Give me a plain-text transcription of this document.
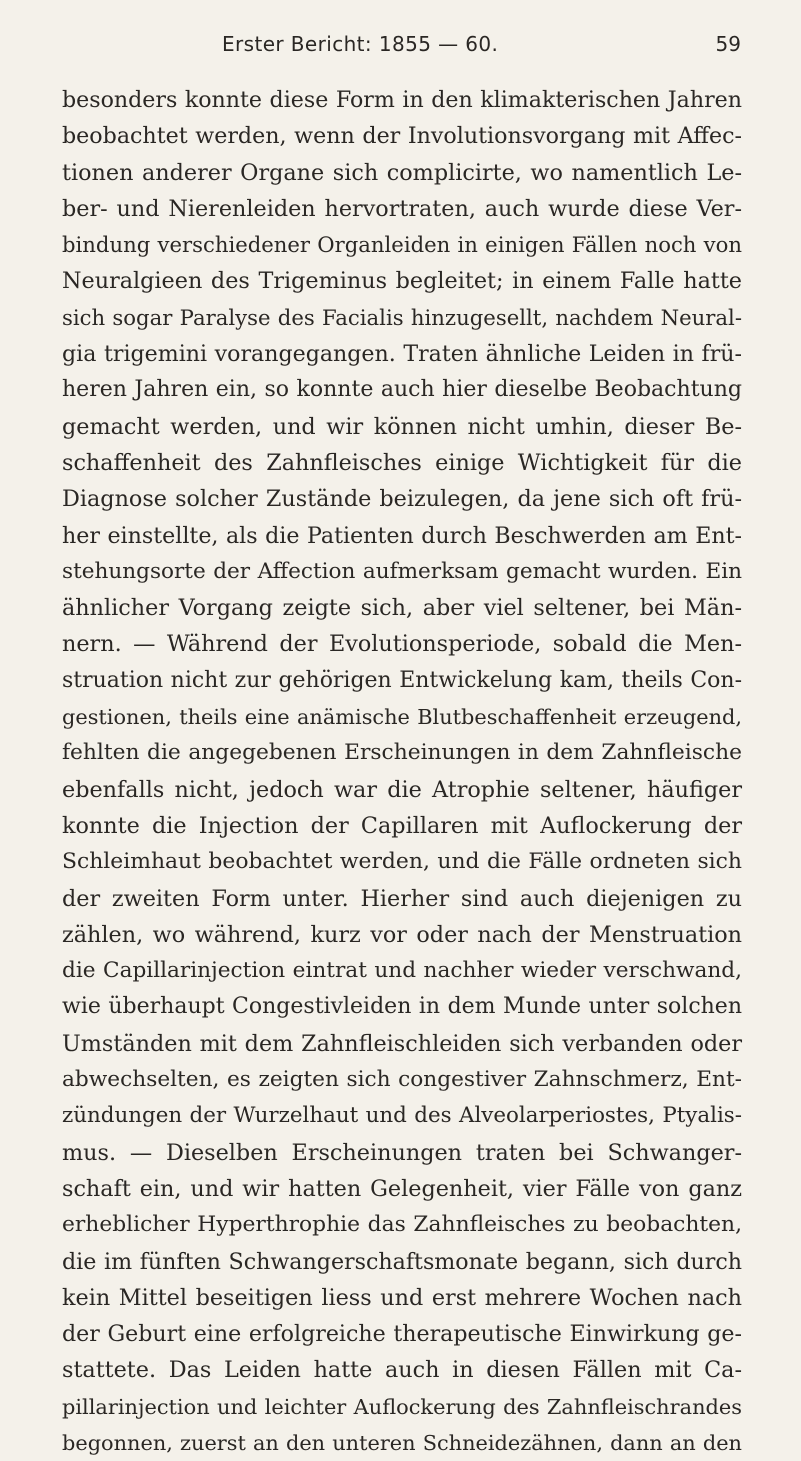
Erster Bericht: 1855 — 60.	59
besonders konnte diese Form in den klimakterischen Jahren
beobachtet werden, wenn der Involutionsvorgang mit Affec-
tionen anderer Organe sich complicirte, wo namentlich Le-
ber- und Nierenleiden hervortraten, auch wurde diese Ver-
bindung verschiedener Organleiden in einigen Fällen noch von
Neuralgieen des Trigeminus begleitet; in einem Falle hatte
sich sogar Paralyse des Facialis hinzugesellt, nachdem Neural-
gia trigemini vorangegangen. Traten ähnliche Leiden in frü-
heren Jahren ein, so konnte auch hier dieselbe Beobachtung
gemacht werden, und wir können nicht umhin, dieser Be-
schaffenheit des Zahnfleisches einige Wichtigkeit für die
Diagnose solcher Zustände beizulegen, da jene sich oft frü-
her einstellte, als die Patienten durch Beschwerden am Ent-
stehungsorte der Affection aufmerksam gemacht wurden. Ein
ähnlicher Vorgang zeigte sich, aber viel seltener, bei Män-
nern. — Während der Evolutionsperiode, sobald die Men-
struation nicht zur gehörigen Entwickelung kam, theils Con-
gestionen, theils eine anämische Blutbeschaffenheit erzeugend,
fehlten die angegebenen Erscheinungen in dem Zahnfleische
ebenfalls nicht, jedoch war die Atrophie seltener, häufiger
konnte die Injection der Capillaren mit Auflockerung der
Schleimhaut beobachtet werden, und die Fälle ordneten sich
der zweiten Form unter. Hierher sind auch diejenigen zu
zählen, wo während, kurz vor oder nach der Menstruation
die Capillarinjection eintrat und nachher wieder verschwand,
wie überhaupt Congestivleiden in dem Munde unter solchen
Umständen mit dem Zahnfleischleiden sich verbanden oder
abwechselten, es zeigten sich congestiver Zahnschmerz, Ent-
zündungen der Wurzelhaut und des Alveolarperiostes, Ptyalis-
mus. — Dieselben Erscheinungen traten bei Schwanger-
schaft ein, und wir hatten Gelegenheit, vier Fälle von ganz
erheblicher Hyperthrophie das Zahnfleisches zu beobachten,
die im fünften Schwangerschaftsmonate begann, sich durch
kein Mittel beseitigen liess und erst mehrere Wochen nach
der Geburt eine erfolgreiche therapeutische Einwirkung ge-
stattete. Das Leiden hatte auch in diesen Fällen mit Ca-
pillarinjection und leichter Auflockerung des Zahnfleischrandes
begonnen, zuerst an den unteren Schneidezähnen, dann an den
